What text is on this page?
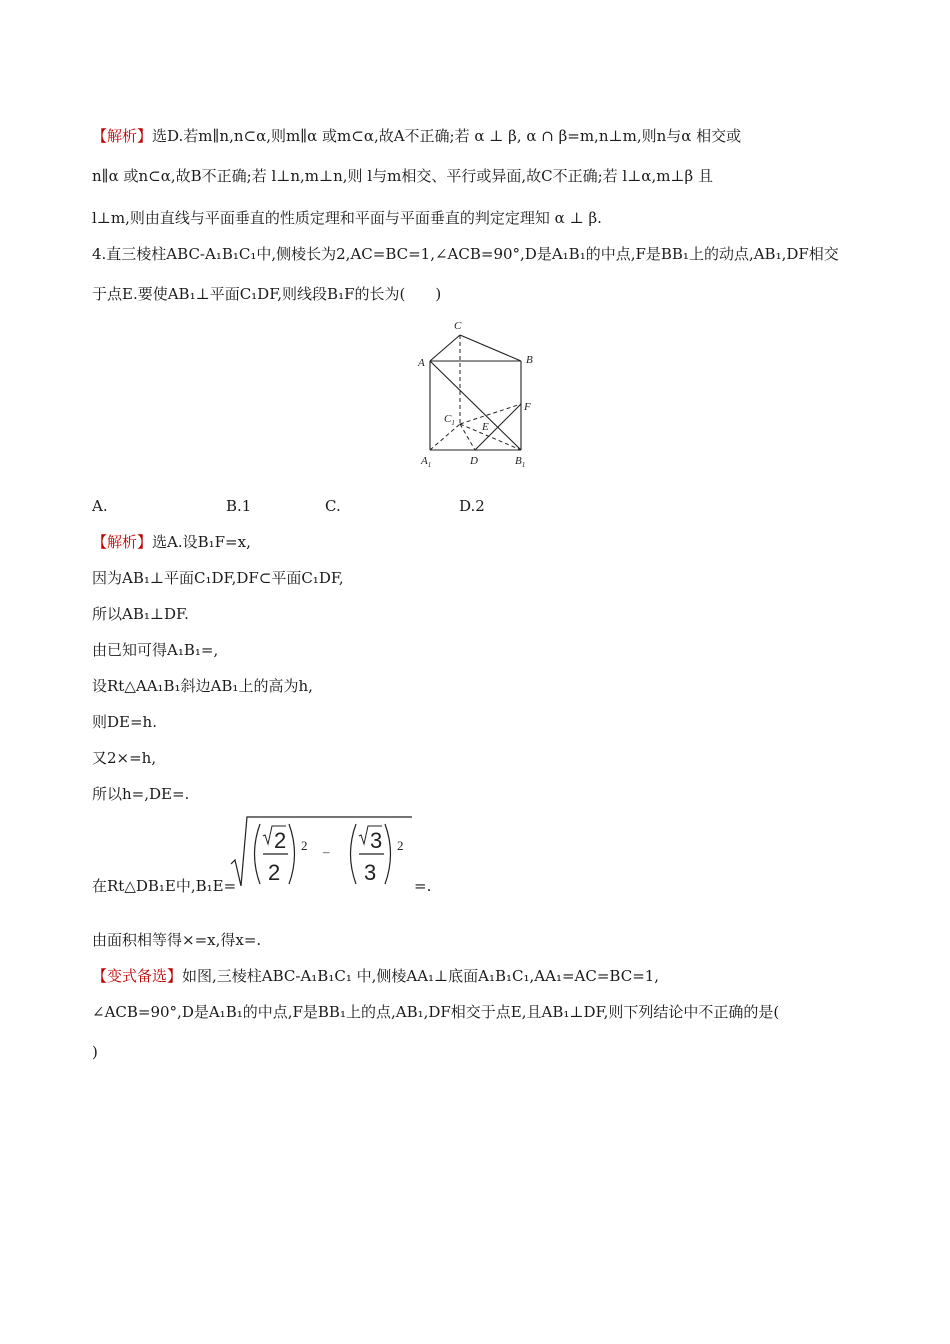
【解析】选D.若m∥n,n⊂α,则m∥α 或m⊂α,故A不正确;若 α ⊥ β, α ∩ β=m,n⊥m,则n与α 相交或
n∥α 或n⊂α,故B不正确;若 l⊥n,m⊥n,则 l与m相交、平行或异面,故C不正确;若 l⊥α,m⊥β 且
l⊥m,则由直线与平面垂直的性质定理和平面与平面垂直的判定定理知 α ⊥ β.
4.直三棱柱ABC-A₁B₁C₁中,侧棱长为2,AC=BC=1,∠ACB=90°,D是A₁B₁的中点,F是BB₁上的动点,AB₁,DF相交
于点E.要使AB₁⊥平面C₁DF,则线段B₁F的长为(　　)
C
A	B
$C_1$ E
F
$A_1$	D	$B_1$
A.	B.1	C.	D.2
【解析】选A.设B₁F=x,
因为AB₁⊥平面C₁DF,DF⊂平面C₁DF,
所以AB₁⊥DF.
由已知可得A₁B₁=,
设Rt△AA₁B₁斜边AB₁上的高为h,
则DE=h.
又2×=h,
所以h=,DE=.
在Rt△DB₁E中,B₁E=
2
2
3
3
2	2
–
=.
由面积相等得×=x,得x=.
【变式备选】如图,三棱柱ABC-A₁B₁C₁ 中,侧棱AA₁⊥底面A₁B₁C₁,AA₁=AC=BC=1,
∠ACB=90°,D是A₁B₁的中点,F是BB₁上的点,AB₁,DF相交于点E,且AB₁⊥DF,则下列结论中不正确的是(
)
